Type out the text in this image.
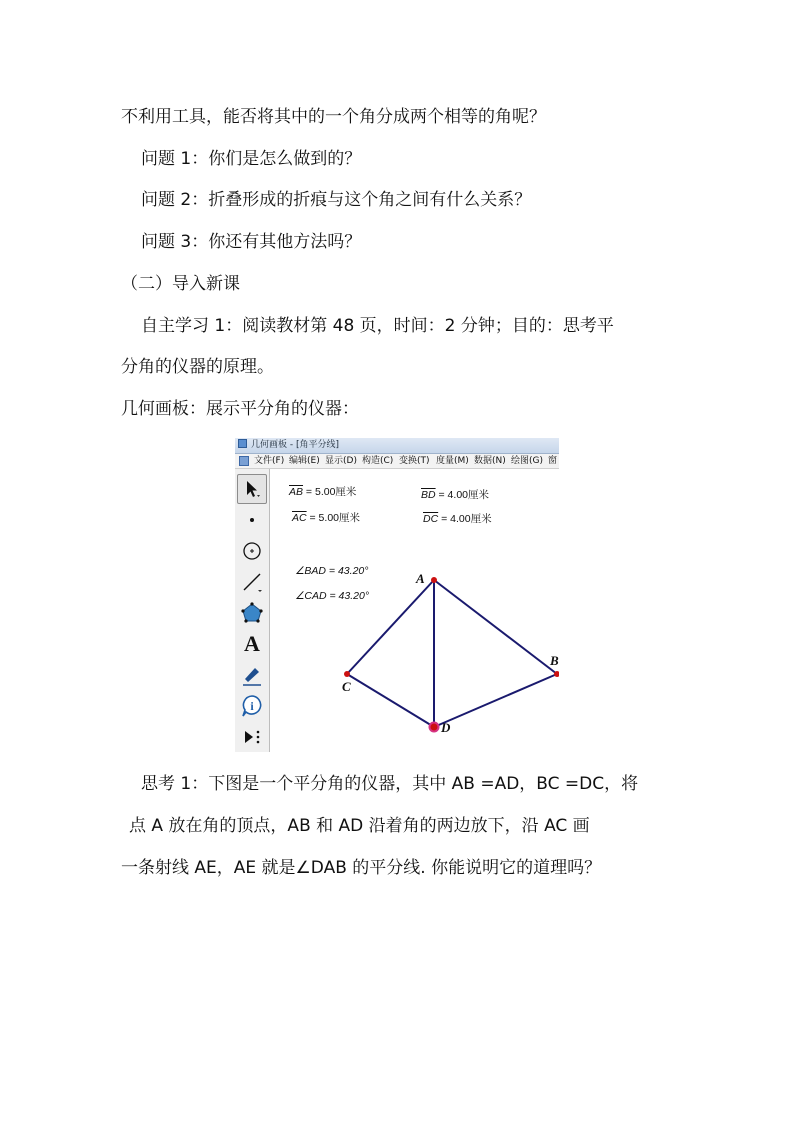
不利用工具，能否将其中的一个角分成两个相等的角呢？
问题 1：你们是怎么做到的？
问题 2：折叠形成的折痕与这个角之间有什么关系？
问题 3：你还有其他方法吗？
（二）导入新课
自主学习 1：阅读教材第 48 页，时间：2 分钟；目的：思考平
分角的仪器的原理。
几何画板：展示平分角的仪器：
几何画板 - [角平分线]
文件(F) 编辑(E) 显示(D) 构造(C) 变换(T) 度量(M) 数据(N) 绘图(G) 窗
A
i
$\overline{AB} = 5.00$厘米
$\overline{AC} = 5.00$厘米
$\overline{BD} = 4.00$厘米
$\overline{DC} = 4.00$厘米
∠BAD = 43.20°
∠CAD = 43.20°
A
B
C
D
思考 1：下图是一个平分角的仪器，其中 AB =AD，BC =DC，将
点 A 放在角的顶点，AB 和 AD 沿着角的两边放下，沿 AC 画
一条射线 AE，AE 就是∠DAB 的平分线. 你能说明它的道理吗？
